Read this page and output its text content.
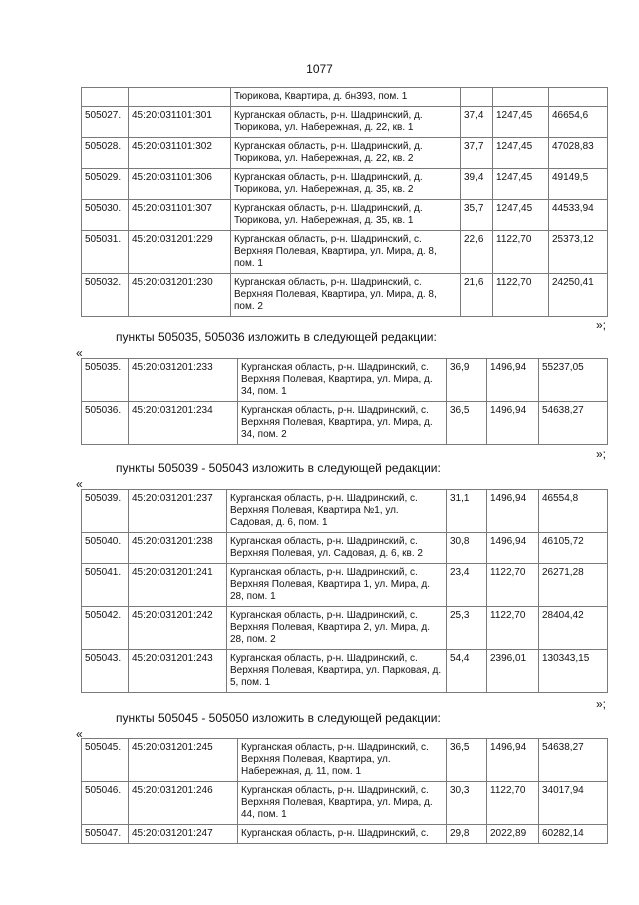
1077
		Тюрикова, Квартира, д. бн393, пом. 1			
505027.	45:20:031101:301	Курганская область, р-н. Шадринский, д. Тюрикова, ул. Набережная, д. 22, кв. 1	37,4	1247,45	46654,6
505028.	45:20:031101:302	Курганская область, р-н. Шадринский, д. Тюрикова, ул. Набережная, д. 22, кв. 2	37,7	1247,45	47028,83
505029.	45:20:031101:306	Курганская область, р-н. Шадринский, д. Тюрикова, ул. Набережная, д. 35, кв. 2	39,4	1247,45	49149,5
505030.	45:20:031101:307	Курганская область, р-н. Шадринский, д. Тюрикова, ул. Набережная, д. 35, кв. 1	35,7	1247,45	44533,94
505031.	45:20:031201:229	Курганская область, р-н. Шадринский, с. Верхняя Полевая, Квартира, ул. Мира, д. 8, пом. 1	22,6	1122,70	25373,12
505032.	45:20:031201:230	Курганская область, р-н. Шадринский, с. Верхняя Полевая, Квартира, ул. Мира, д. 8, пом. 2	21,6	1122,70	24250,41
»;
пункты 505035, 505036 изложить в следующей редакции:
«
505035.	45:20:031201:233	Курганская область, р-н. Шадринский, с. Верхняя Полевая, Квартира, ул. Мира, д. 34, пом. 1	36,9	1496,94	55237,05
505036.	45:20:031201:234	Курганская область, р-н. Шадринский, с. Верхняя Полевая, Квартира, ул. Мира, д. 34, пом. 2	36,5	1496,94	54638,27
»;
пункты 505039 - 505043 изложить в следующей редакции:
«
505039.	45:20:031201:237	Курганская область, р-н. Шадринский, с. Верхняя Полевая, Квартира №1, ул. Садовая, д. 6, пом. 1	31,1	1496,94	46554,8
505040.	45:20:031201:238	Курганская область, р-н. Шадринский, с. Верхняя Полевая, ул. Садовая, д. 6, кв. 2	30,8	1496,94	46105,72
505041.	45:20:031201:241	Курганская область, р-н. Шадринский, с. Верхняя Полевая, Квартира 1, ул. Мира, д. 28, пом. 1	23,4	1122,70	26271,28
505042.	45:20:031201:242	Курганская область, р-н. Шадринский, с. Верхняя Полевая, Квартира 2, ул. Мира, д. 28, пом. 2	25,3	1122,70	28404,42
505043.	45:20:031201:243	Курганская область, р-н. Шадринский, с. Верхняя Полевая, Квартира, ул. Парковая, д. 5, пом. 1	54,4	2396,01	130343,15
»;
пункты 505045 - 505050 изложить в следующей редакции:
«
505045.	45:20:031201:245	Курганская область, р-н. Шадринский, с. Верхняя Полевая, Квартира, ул. Набережная, д. 11, пом. 1	36,5	1496,94	54638,27
505046.	45:20:031201:246	Курганская область, р-н. Шадринский, с. Верхняя Полевая, Квартира, ул. Мира, д. 44, пом. 1	30,3	1122,70	34017,94
505047.	45:20:031201:247	Курганская область, р-н. Шадринский, с.	29,8	2022,89	60282,14
